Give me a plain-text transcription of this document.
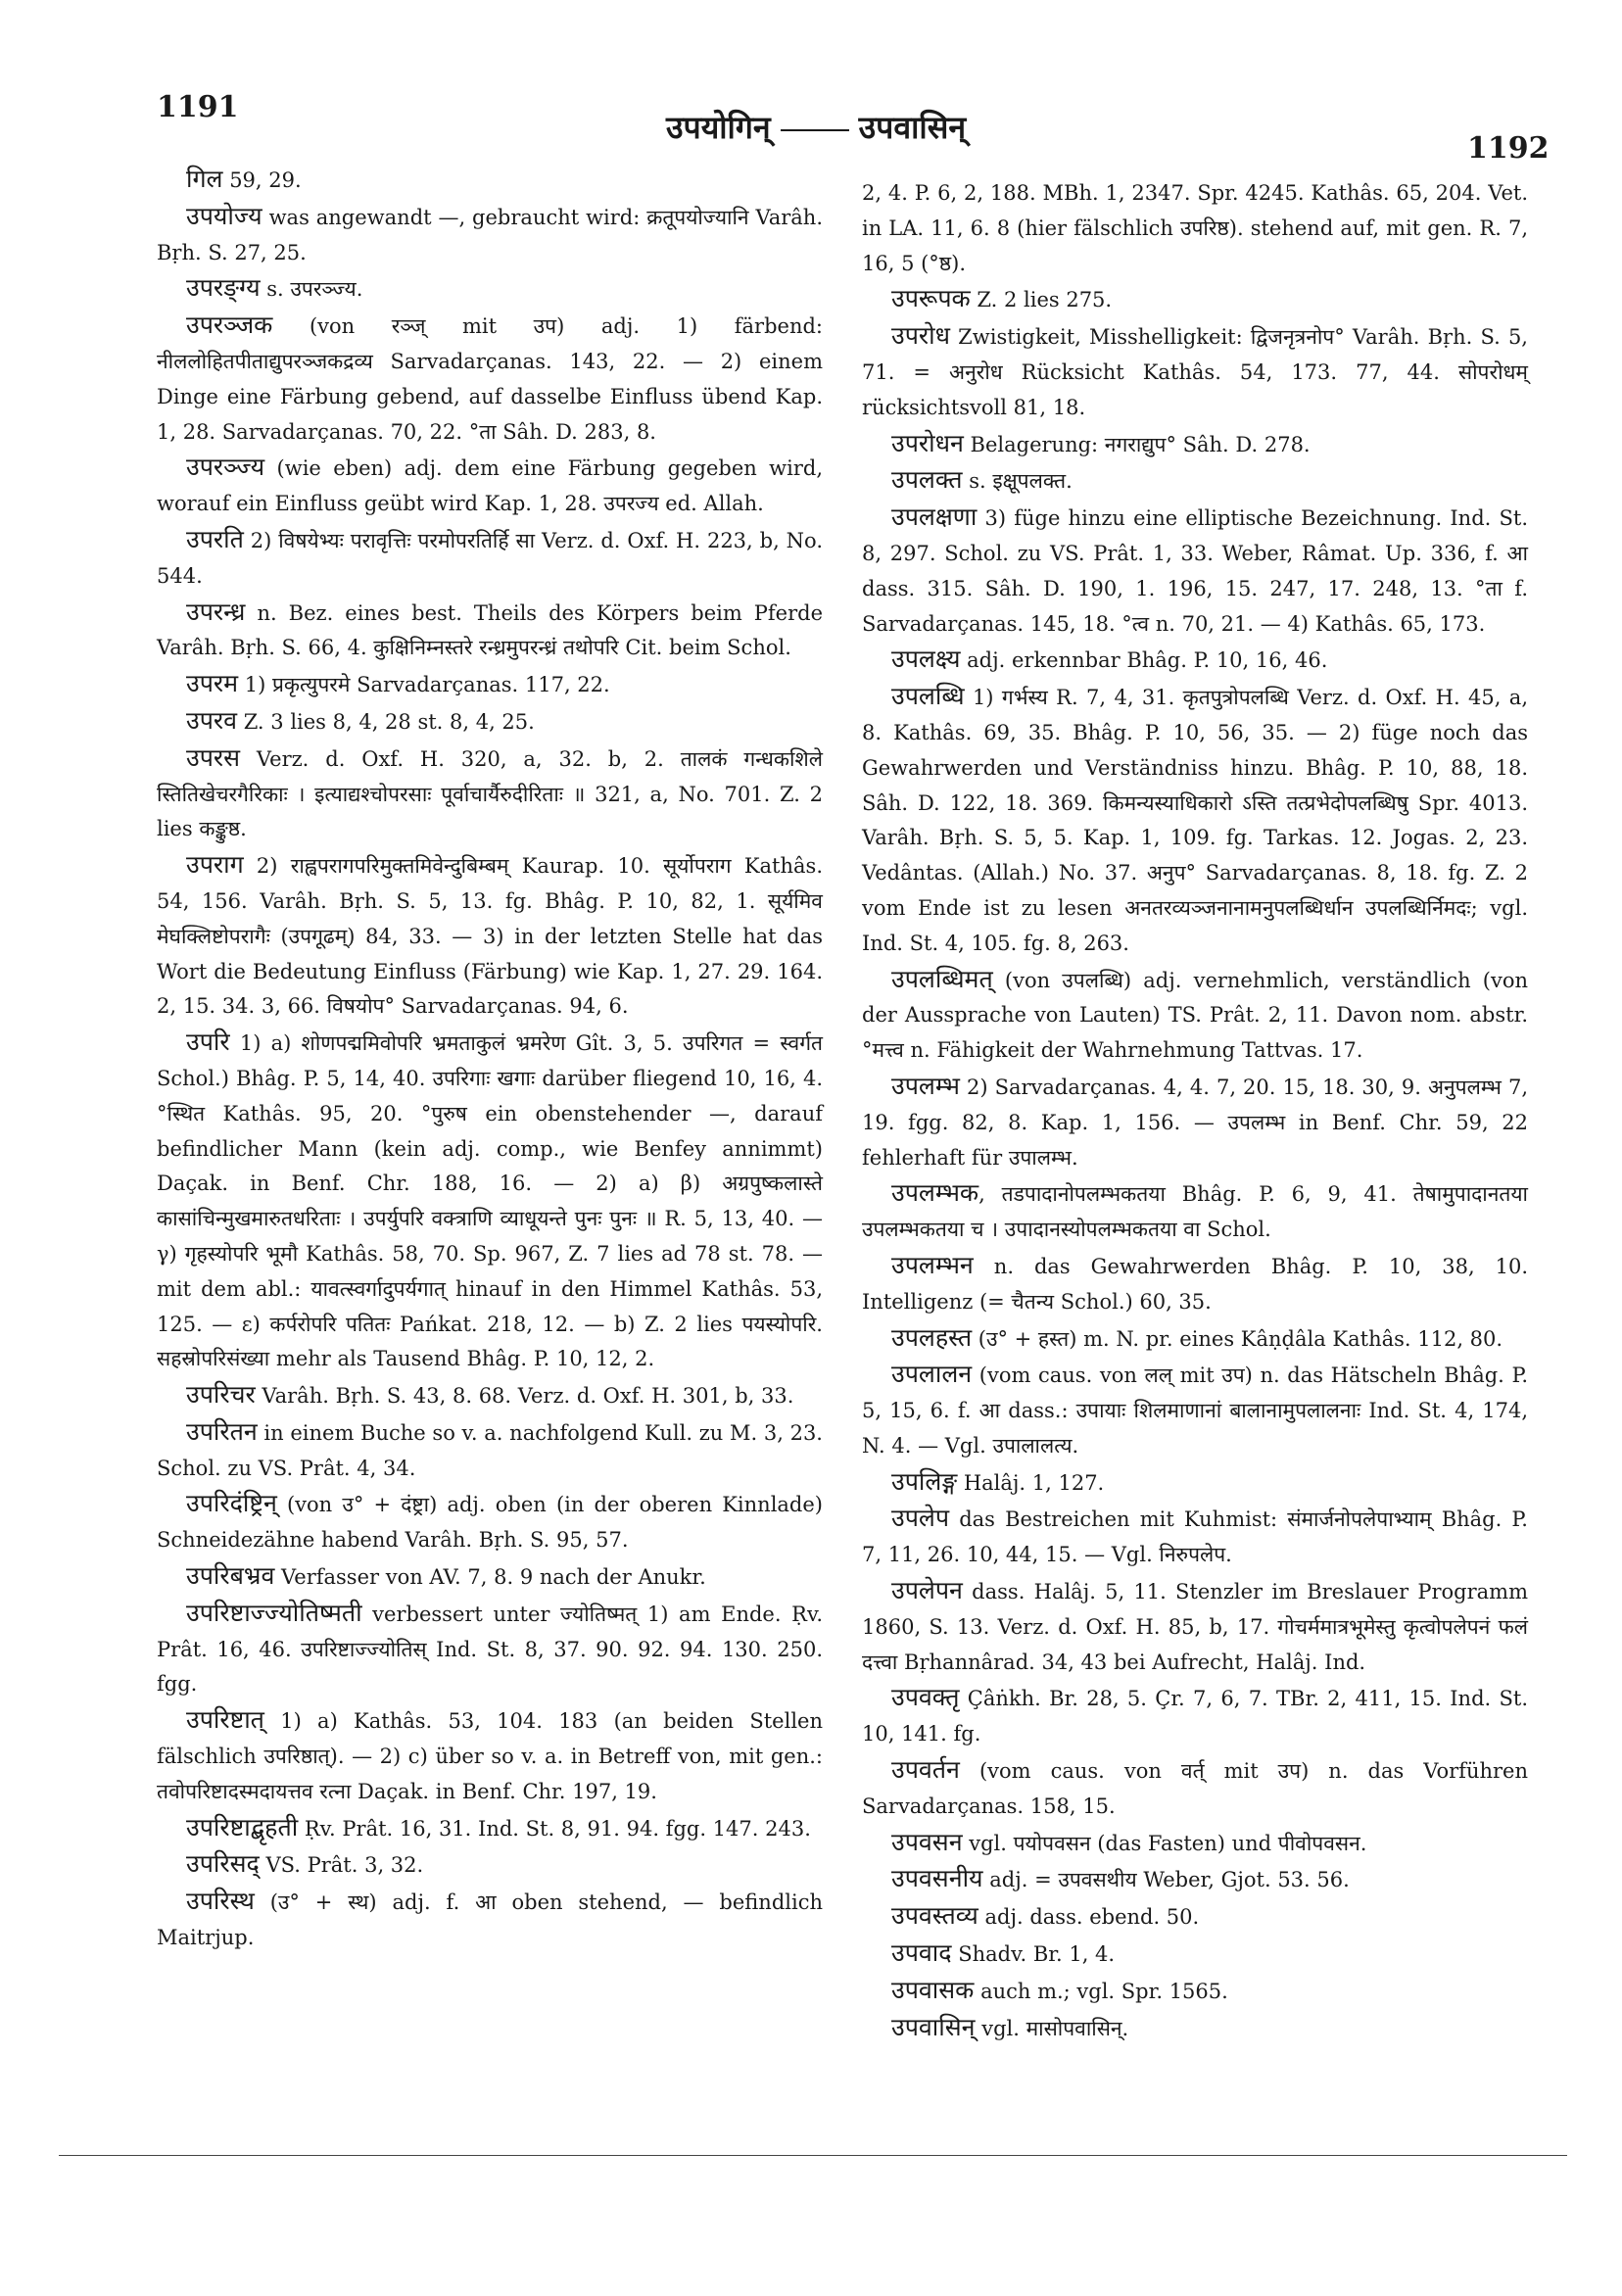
1191
उपयोगिन्	उपवासिन्
1192

गिल 59, 29.

उपयोज्य was angewandt —, gebraucht wird: क्रतूपयोज्यानि Varâh. Bṛh. S. 27, 25.

उपरङ्ग्य s. उपरञ्ज्य.

उपरञ्जक (von रञ्ज् mit उप) adj. 1) färbend: नीललोहितपीताद्युपरञ्जकद्रव्य Sarvadarçanas. 143, 22. — 2) einem Dinge eine Färbung gebend, auf dasselbe Einfluss übend Kap. 1, 28. Sarvadarçanas. 70, 22. °ता Sâh. D. 283, 8.

उपरञ्ज्य (wie eben) adj. dem eine Färbung gegeben wird, worauf ein Einfluss geübt wird Kap. 1, 28. उपरज्य ed. Allah.

उपरति 2) विषयेभ्यः परावृत्तिः परमोपरतिर्हि सा Verz. d. Oxf. H. 223, b, No. 544.

उपरन्ध्र n. Bez. eines best. Theils des Körpers beim Pferde Varâh. Bṛh. S. 66, 4. कुक्षिनिम्नस्तरे रन्ध्रमुपरन्ध्रं तथोपरि Cit. beim Schol.

उपरम 1) प्रकृत्युपरमे Sarvadarçanas. 117, 22.

उपरव Z. 3 lies 8, 4, 28 st. 8, 4, 25.

उपरस Verz. d. Oxf. H. 320, a, 32. b, 2. तालकं गन्धकशिले स्तितिखेचरगैरिकाः । इत्याद्यश्चोपरसाः पूर्वाचार्यैरुदीरिताः ॥ 321, a, No. 701. Z. 2 lies कङ्कुष्ठ.

उपराग 2) राह्वपरागपरिमुक्तमिवेन्दुबिम्बम् Kaurap. 10. सूर्योपराग Kathâs. 54, 156. Varâh. Bṛh. S. 5, 13. fg. Bhâg. P. 10, 82, 1. सूर्यमिव मेघक्लिष्टोपरागैः (उपगूढम्) 84, 33. — 3) in der letzten Stelle hat das Wort die Bedeutung Einfluss (Färbung) wie Kap. 1, 27. 29. 164. 2, 15. 34. 3, 66. विषयोप° Sarvadarçanas. 94, 6.

उपरि 1) a) शोणपद्ममिवोपरि भ्रमताकुलं भ्रमरेण Gît. 3, 5. उपरिगत = स्वर्गत Schol.) Bhâg. P. 5, 14, 40. उपरिगाः खगाः darüber fliegend 10, 16, 4. °स्थित Kathâs. 95, 20. °पुरुष ein obenstehender —, darauf befindlicher Mann (kein adj. comp., wie Benfey annimmt) Daçak. in Benf. Chr. 188, 16. — 2) a) β) अग्रपुष्कलास्ते कासांचिन्मुखमारुतधरिताः । उपर्युपरि वक्त्राणि व्याधूयन्ते पुनः पुनः ॥ R. 5, 13, 40. — γ) गृहस्योपरि भूमौ Kathâs. 58, 70. Sp. 967, Z. 7 lies ad 78 st. 78. — mit dem abl.: यावत्स्वर्गादुपर्यगात् hinauf in den Himmel Kathâs. 53, 125. — ε) कर्परोपरि पतितः Pańkat. 218, 12. — b) Z. 2 lies पयस्योपरि. सहस्रोपरिसंख्या mehr als Tausend Bhâg. P. 10, 12, 2.

उपरिचर Varâh. Bṛh. S. 43, 8. 68. Verz. d. Oxf. H. 301, b, 33.

उपरितन in einem Buche so v. a. nachfolgend Kull. zu M. 3, 23. Schol. zu VS. Prât. 4, 34.

उपरिदंष्ट्रिन् (von उ° + दंष्ट्रा) adj. oben (in der oberen Kinnlade) Schneidezähne habend Varâh. Bṛh. S. 95, 57.

उपरिबभ्रव Verfasser von AV. 7, 8. 9 nach der Anukr.

उपरिष्टाज्ज्योतिष्मती verbessert unter ज्योतिष्मत् 1) am Ende. Ṛv. Prât. 16, 46. उपरिष्टाज्ज्योतिस् Ind. St. 8, 37. 90. 92. 94. 130. 250. fgg.

उपरिष्टात् 1) a) Kathâs. 53, 104. 183 (an beiden Stellen fälschlich उपरिष्ठात्). — 2) c) über so v. a. in Betreff von, mit gen.: तवोपरिष्टादस्मदायत्तव रत्ना Daçak. in Benf. Chr. 197, 19.

उपरिष्टाद्बृहती Ṛv. Prât. 16, 31. Ind. St. 8, 91. 94. fgg. 147. 243.

उपरिसद् VS. Prât. 3, 32.

उपरिस्थ (उ° + स्थ) adj. f. आ oben stehend, — befindlich Maitrjup.

2, 4. P. 6, 2, 188. MBh. 1, 2347. Spr. 4245. Kathâs. 65, 204. Vet. in LA. 11, 6. 8 (hier fälschlich उपरिष्ठ). stehend auf, mit gen. R. 7, 16, 5 (°ष्ठ).

उपरूपक Z. 2 lies 275.

उपरोध Zwistigkeit, Misshelligkeit: द्विजनृत्रनोप° Varâh. Bṛh. S. 5, 71. = अनुरोध Rücksicht Kathâs. 54, 173. 77, 44. सोपरोधम् rücksichtsvoll 81, 18.

उपरोधन Belagerung: नगराद्युप° Sâh. D. 278.

उपलक्त s. इक्षूपलक्त.

उपलक्षणा 3) füge hinzu eine elliptische Bezeichnung. Ind. St. 8, 297. Schol. zu VS. Prât. 1, 33. Weber, Râmat. Up. 336, f. आ dass. 315. Sâh. D. 190, 1. 196, 15. 247, 17. 248, 13. °ता f. Sarvadarçanas. 145, 18. °त्व n. 70, 21. — 4) Kathâs. 65, 173.

उपलक्ष्य adj. erkennbar Bhâg. P. 10, 16, 46.

उपलब्धि 1) गर्भस्य R. 7, 4, 31. कृतपुत्रोपलब्धि Verz. d. Oxf. H. 45, a, 8. Kathâs. 69, 35. Bhâg. P. 10, 56, 35. — 2) füge noch das Gewahrwerden und Verständniss hinzu. Bhâg. P. 10, 88, 18. Sâh. D. 122, 18. 369. किमन्यस्याधिकारो ऽस्ति तत्प्रभेदोपलब्धिषु Spr. 4013. Varâh. Bṛh. S. 5, 5. Kap. 1, 109. fg. Tarkas. 12. Jogas. 2, 23. Vedântas. (Allah.) No. 37. अनुप° Sarvadarçanas. 8, 18. fg. Z. 2 vom Ende ist zu lesen अनतरव्यञ्जनानामनुपलब्धिर्धान उपलब्धिर्निमदः; vgl. Ind. St. 4, 105. fg. 8, 263.

उपलब्धिमत् (von उपलब्धि) adj. vernehmlich, verständlich (von der Aussprache von Lauten) TS. Prât. 2, 11. Davon nom. abstr. °मत्त्व n. Fähigkeit der Wahrnehmung Tattvas. 17.

उपलम्भ 2) Sarvadarçanas. 4, 4. 7, 20. 15, 18. 30, 9. अनुपलम्भ 7, 19. fgg. 82, 8. Kap. 1, 156. — उपलम्भ in Benf. Chr. 59, 22 fehlerhaft für उपालम्भ.

उपलम्भक, तडपादानोपलम्भकतया Bhâg. P. 6, 9, 41. तेषामुपादानतया उपलम्भकतया च । उपादानस्योपलम्भकतया वा Schol.

उपलम्भन n. das Gewahrwerden Bhâg. P. 10, 38, 10. Intelligenz (= चैतन्य Schol.) 60, 35.

उपलहस्त (उ° + हस्त) m. N. pr. eines Kâṇḍâla Kathâs. 112, 80.

उपलालन (vom caus. von लल् mit उप) n. das Hätscheln Bhâg. P. 5, 15, 6. f. आ dass.: उपायाः शिलमाणानां बालानामुपलालनाः Ind. St. 4, 174, N. 4. — Vgl. उपालालत्य.

उपलिङ्ग Halâj. 1, 127.

उपलेप das Bestreichen mit Kuhmist: संमार्जनोपलेपाभ्याम् Bhâg. P. 7, 11, 26. 10, 44, 15. — Vgl. निरुपलेप.

उपलेपन dass. Halâj. 5, 11. Stenzler im Breslauer Programm 1860, S. 13. Verz. d. Oxf. H. 85, b, 17. गोचर्ममात्रभूमेस्तु कृत्वोपलेपनं फलं दत्त्वा Bṛhannârad. 34, 43 bei Aufrecht, Halâj. Ind.

उपवक्तृ Çâṅkh. Br. 28, 5. Çr. 7, 6, 7. TBr. 2, 411, 15. Ind. St. 10, 141. fg.

उपवर्तन (vom caus. von वर्त् mit उप) n. das Vorführen Sarvadarçanas. 158, 15.

उपवसन vgl. पयोपवसन (das Fasten) und पीवोपवसन.

उपवसनीय adj. = उपवसथीय Weber, Gjot. 53. 56.

उपवस्तव्य adj. dass. ebend. 50.

उपवाद Shadv. Br. 1, 4.

उपवासक auch m.; vgl. Spr. 1565.

उपवासिन् vgl. मासोपवासिन्.
